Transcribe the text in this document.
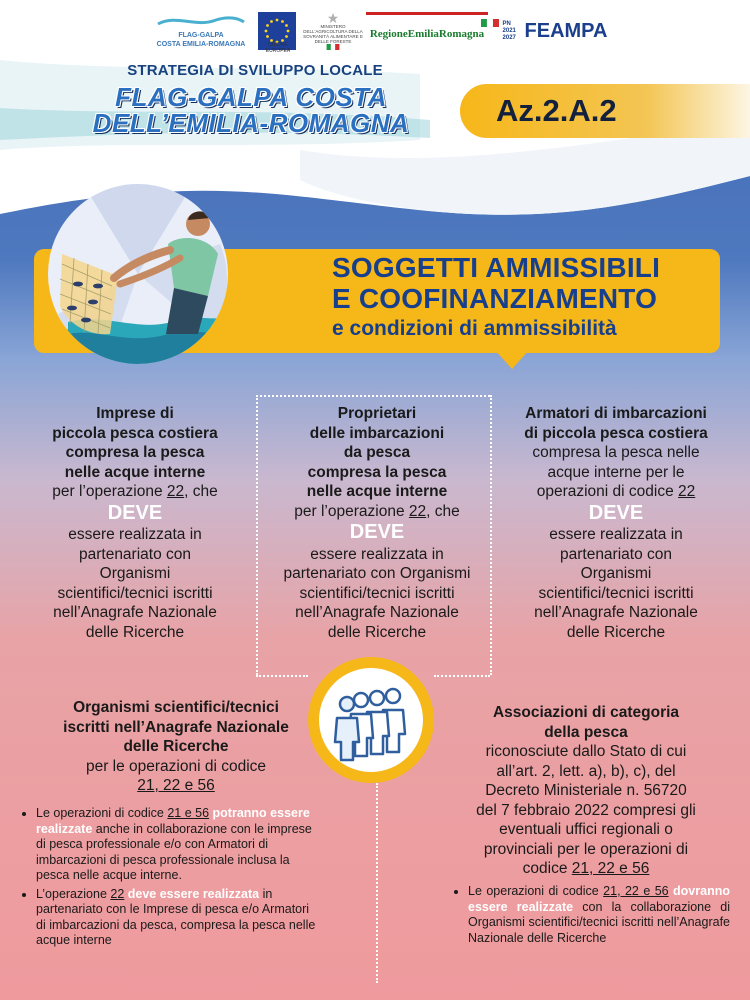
FLAG-GALPA
COSTA EMILIA-ROMAGNA	UNIONE EUROPEA
MINISTERO DELL'AGRICOLTURA DELLA SOVRANITÀ ALIMENTARE E DELLE FORESTE
RegioneEmiliaRomagna
PN 2021 2027 FEAMPA
STRATEGIA DI SVILUPPO LOCALE
FLAG-GALPA COSTA
DELL’EMILIA-ROMAGNA	Az.2.A.2
SOGGETTI AMMISSIBILI
E COOFINANZIAMENTO
e condizioni di ammissibilità
Imprese di
piccola pesca costiera
compresa la pesca
nelle acque interne
per l’operazione 22, che
DEVE
essere realizzata in
partenariato con
Organismi
scientifici/tecnici iscritti
nell’Anagrafe Nazionale
delle Ricerche
Proprietari
delle imbarcazioni
da pesca
compresa la pesca
nelle acque interne
per l’operazione 22, che
DEVE
essere realizzata in
partenariato con Organismi
scientifici/tecnici iscritti
nell’Anagrafe Nazionale
delle Ricerche
Armatori di imbarcazioni
di piccola pesca costiera
compresa la pesca nelle
acque interne per le
operazioni di codice 22
DEVE
essere realizzata in
partenariato con
Organismi
scientifici/tecnici iscritti
nell’Anagrafe Nazionale
delle Ricerche
Organismi scientifici/tecnici
iscritti nell’Anagrafe Nazionale
delle Ricerche
per le operazioni di codice
21, 22 e 56
• Le operazioni di codice 21 e 56 potranno essere realizzate anche in collaborazione con le imprese di pesca professionale e/o con Armatori di imbarcazioni di pesca professionale inclusa la pesca nelle acque interne.
• L’operazione 22 deve essere realizzata in partenariato con le Imprese di pesca e/o Armatori di imbarcazioni da pesca, compresa la pesca nelle acque interne
Associazioni di categoria
della pesca
riconosciute dallo Stato di cui
all’art. 2, lett. a), b), c), del
Decreto Ministeriale n. 56720
del 7 febbraio 2022 compresi gli
eventuali uffici regionali o
provinciali per le operazioni di
codice 21, 22 e 56
• Le operazioni di codice 21, 22 e 56 dovranno essere realizzate con la collaborazione di Organismi scientifici/tecnici iscritti nell’Anagrafe Nazionale delle Ricerche
